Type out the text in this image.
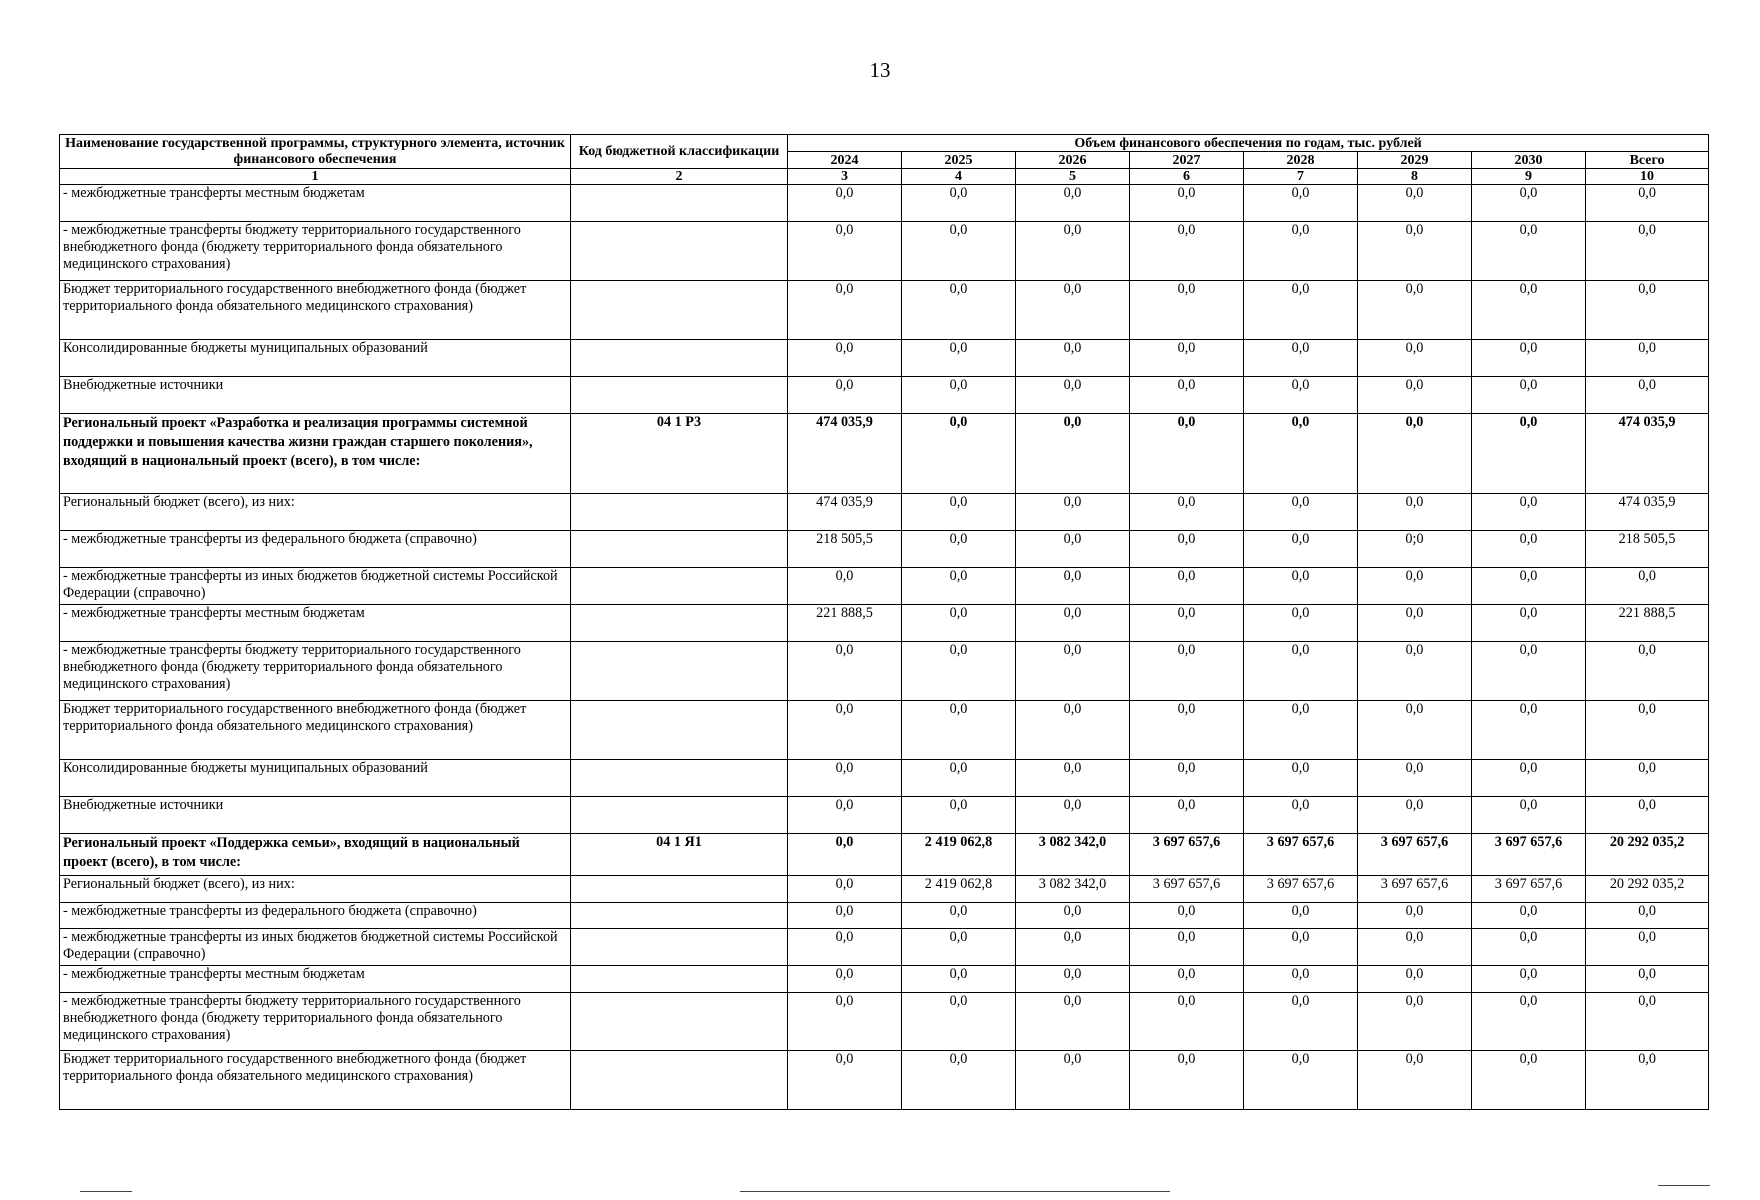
13
Наименование государственной программы, структурного элемента, источник финансового обеспечения	Код бюджетной классификации	Объем финансового обеспечения по годам, тыс. рублей							
		2024	2025	2026	2027	2028	2029	2030	Всего
1	2	3	4	5	6	7	8	9	10
- межбюджетные трансферты местным бюджетам		0,0	0,0	0,0	0,0	0,0	0,0	0,0	0,0
- межбюджетные трансферты бюджету территориального государственного внебюджетного фонда (бюджету территориального фонда обязательного медицинского страхования)		0,0	0,0	0,0	0,0	0,0	0,0	0,0	0,0
Бюджет территориального государственного внебюджетного фонда (бюджет территориального фонда обязательного медицинского страхования)		0,0	0,0	0,0	0,0	0,0	0,0	0,0	0,0
Консолидированные бюджеты муниципальных образований		0,0	0,0	0,0	0,0	0,0	0,0	0,0	0,0
Внебюджетные источники		0,0	0,0	0,0	0,0	0,0	0,0	0,0	0,0
Региональный проект «Разработка и реализация программы системной поддержки и повышения качества жизни граждан старшего поколения», входящий в национальный проект (всего), в том числе:	04 1 Р3	474 035,9	0,0	0,0	0,0	0,0	0,0	0,0	474 035,9
Региональный бюджет (всего), из них:		474 035,9	0,0	0,0	0,0	0,0	0,0	0,0	474 035,9
- межбюджетные трансферты из федерального бюджета (справочно)		218 505,5	0,0	0,0	0,0	0,0	0;0	0,0	218 505,5
- межбюджетные трансферты из иных бюджетов бюджетной системы Российской Федерации (справочно)		0,0	0,0	0,0	0,0	0,0	0,0	0,0	0,0
- межбюджетные трансферты местным бюджетам		221 888,5	0,0	0,0	0,0	0,0	0,0	0,0	221 888,5
- межбюджетные трансферты бюджету территориального государственного внебюджетного фонда (бюджету территориального фонда обязательного медицинского страхования)		0,0	0,0	0,0	0,0	0,0	0,0	0,0	0,0
Бюджет территориального государственного внебюджетного фонда (бюджет территориального фонда обязательного медицинского страхования)		0,0	0,0	0,0	0,0	0,0	0,0	0,0	0,0
Консолидированные бюджеты муниципальных образований		0,0	0,0	0,0	0,0	0,0	0,0	0,0	0,0
Внебюджетные источники		0,0	0,0	0,0	0,0	0,0	0,0	0,0	0,0
Региональный проект «Поддержка семьи», входящий в национальный проект (всего), в том числе:	04 1 Я1	0,0	2 419 062,8	3 082 342,0	3 697 657,6	3 697 657,6	3 697 657,6	3 697 657,6	20 292 035,2
Региональный бюджет (всего), из них:		0,0	2 419 062,8	3 082 342,0	3 697 657,6	3 697 657,6	3 697 657,6	3 697 657,6	20 292 035,2
- межбюджетные трансферты из федерального бюджета (справочно)		0,0	0,0	0,0	0,0	0,0	0,0	0,0	0,0
- межбюджетные трансферты из иных бюджетов бюджетной системы Российской Федерации (справочно)		0,0	0,0	0,0	0,0	0,0	0,0	0,0	0,0
- межбюджетные трансферты местным бюджетам		0,0	0,0	0,0	0,0	0,0	0,0	0,0	0,0
- межбюджетные трансферты бюджету территориального государственного внебюджетного фонда (бюджету территориального фонда обязательного медицинского страхования)		0,0	0,0	0,0	0,0	0,0	0,0	0,0	0,0
Бюджет территориального государственного внебюджетного фонда (бюджет территориального фонда обязательного медицинского страхования)		0,0	0,0	0,0	0,0	0,0	0,0	0,0	0,0
